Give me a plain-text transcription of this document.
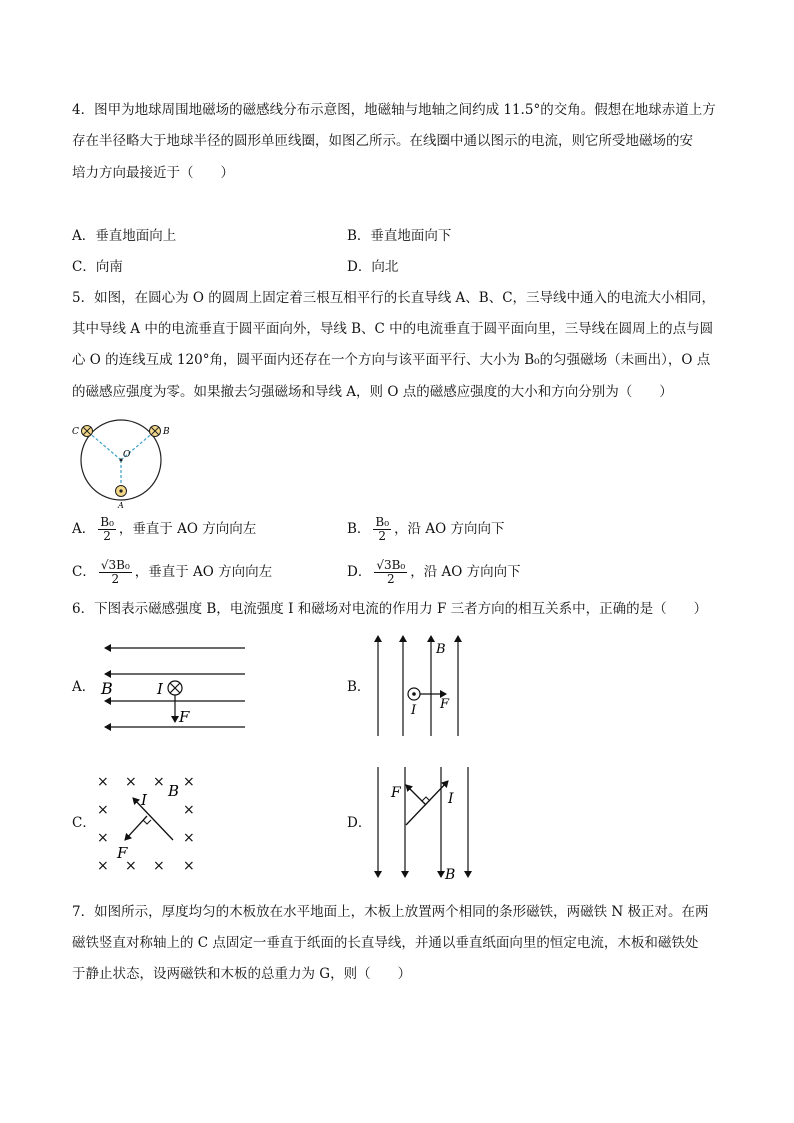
4．图甲为地球周围地磁场的磁感线分布示意图，地磁轴与地轴之间约成 11.5°的交角。假想在地球赤道上方
存在半径略大于地球半径的圆形单匝线圈，如图乙所示。在线圈中通以图示的电流，则它所受地磁场的安
培力方向最接近于（　　）
A．垂直地面向上	B．垂直地面向下
C．向南	D．向北
5．如图，在圆心为 O 的圆周上固定着三根互相平行的长直导线 A、B、C，三导线中通入的电流大小相同，
其中导线 A 中的电流垂直于圆平面向外，导线 B、C 中的电流垂直于圆平面向里，三导线在圆周上的点与圆
心 O 的连线互成 120°角，圆平面内还存在一个方向与该平面平行、大小为 B₀的匀强磁场（未画出），O 点
的磁感应强度为零。如果撤去匀强磁场和导线 A，则 O 点的磁感应强度的大小和方向分别为（　　）
C	B
O
A
A． $\frac{\text{B₀}}{2}$ ，垂直于 AO 方向向左	B． $\frac{\text{B₀}}{2}$ ，沿 AO 方向向下
C． $\frac{\text{√3B₀}}{2}$ ，垂直于 AO 方向向左	D． $\frac{\text{√3B₀}}{2}$ ，沿 AO 方向向下
6．下图表示磁感强度 B，电流强度 I 和磁场对电流的作用力 F 三者方向的相互关系中，正确的是（　　）
A．	B．
C．	D．
B	I
F
B
I F
× × × ×
×	×
×	×
× × × ×
B
I
F
F	I
B
7．如图所示，厚度均匀的木板放在水平地面上，木板上放置两个相同的条形磁铁，两磁铁 N 极正对。在两
磁铁竖直对称轴上的 C 点固定一垂直于纸面的长直导线，并通以垂直纸面向里的恒定电流，木板和磁铁处
于静止状态，设两磁铁和木板的总重力为 G，则（　　）
